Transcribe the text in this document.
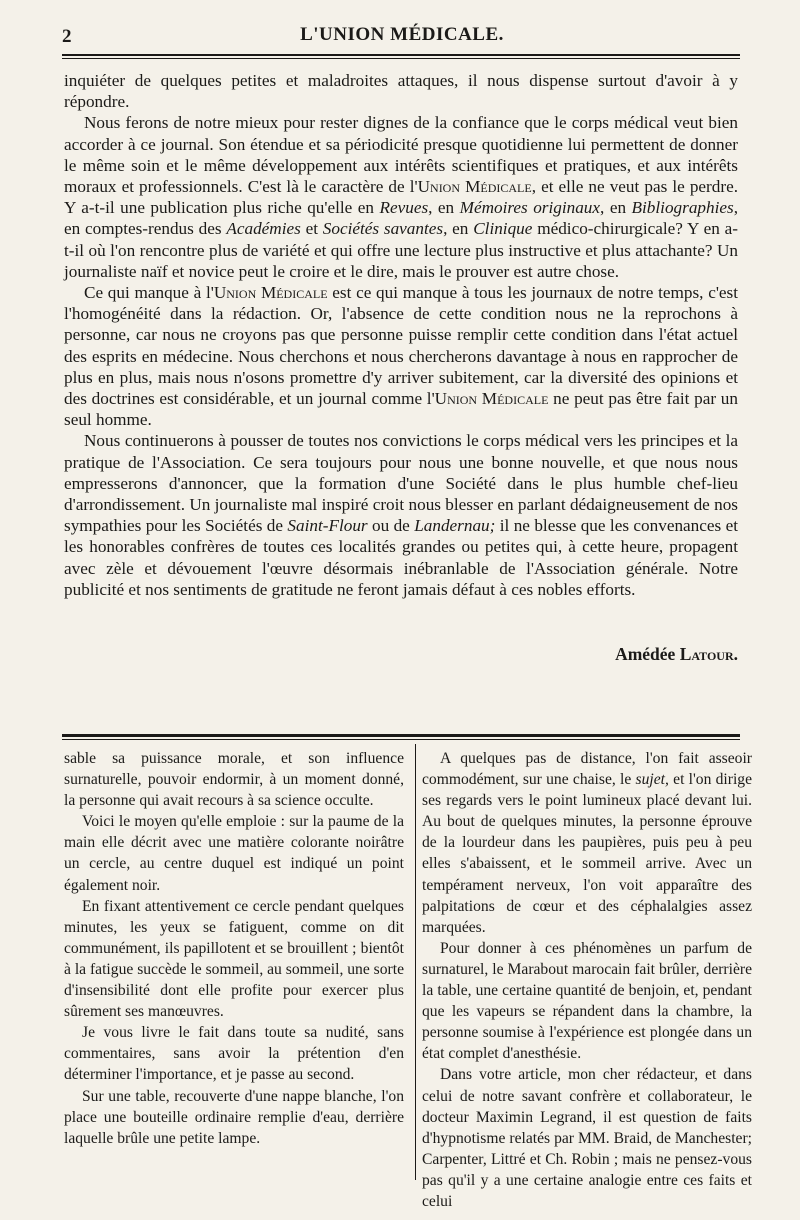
2	L'UNION MÉDICALE.

inquiéter de quelques petites et maladroites attaques, il nous dispense surtout d'avoir à y répondre.

Nous ferons de notre mieux pour rester dignes de la confiance que le corps médical veut bien accorder à ce journal. Son étendue et sa périodicité presque quotidienne lui permettent de donner le même soin et le même développement aux intérêts scientifiques et pratiques, et aux intérêts moraux et professionnels. C'est là le caractère de l'Union Médicale, et elle ne veut pas le perdre. Y a-t-il une publication plus riche qu'elle en Revues, en Mémoires originaux, en Bibliographies, en comptes-rendus des Académies et Sociétés savantes, en Clinique médico-chirurgicale? Y en a-t-il où l'on rencontre plus de variété et qui offre une lecture plus instructive et plus attachante? Un journaliste naïf et novice peut le croire et le dire, mais le prouver est autre chose.

Ce qui manque à l'Union Médicale est ce qui manque à tous les journaux de notre temps, c'est l'homogénéité dans la rédaction. Or, l'absence de cette condition nous ne la reprochons à personne, car nous ne croyons pas que personne puisse remplir cette condition dans l'état actuel des esprits en médecine. Nous cherchons et nous chercherons davantage à nous en rapprocher de plus en plus, mais nous n'osons promettre d'y arriver subitement, car la diversité des opinions et des doctrines est considérable, et un journal comme l'Union Médicale ne peut pas être fait par un seul homme.

Nous continuerons à pousser de toutes nos convictions le corps médical vers les principes et la pratique de l'Association. Ce sera toujours pour nous une bonne nouvelle, et que nous nous empresserons d'annoncer, que la formation d'une Société dans le plus humble chef-lieu d'arrondissement. Un journaliste mal inspiré croit nous blesser en parlant dédaigneusement de nos sympathies pour les Sociétés de Saint-Flour ou de Landernau; il ne blesse que les convenances et les honorables confrères de toutes ces localités grandes ou petites qui, à cette heure, propagent avec zèle et dévouement l'œuvre désormais inébranlable de l'Association générale. Notre publicité et nos sentiments de gratitude ne feront jamais défaut à ces nobles efforts.

Amédée Latour.

sable sa puissance morale, et son influence surnaturelle, pouvoir endormir, à un moment donné, la personne qui avait recours à sa science occulte.

Voici le moyen qu'elle emploie : sur la paume de la main elle décrit avec une matière colorante noirâtre un cercle, au centre duquel est indiqué un point également noir.

En fixant attentivement ce cercle pendant quelques minutes, les yeux se fatiguent, comme on dit communément, ils papillotent et se brouillent ; bientôt à la fatigue succède le sommeil, au sommeil, une sorte d'insensibilité dont elle profite pour exercer plus sûrement ses manœuvres.

Je vous livre le fait dans toute sa nudité, sans commentaires, sans avoir la prétention d'en déterminer l'importance, et je passe au second.

Sur une table, recouverte d'une nappe blanche, l'on place une bouteille ordinaire remplie d'eau, derrière laquelle brûle une petite lampe.

A quelques pas de distance, l'on fait asseoir commodément, sur une chaise, le sujet, et l'on dirige ses regards vers le point lumineux placé devant lui. Au bout de quelques minutes, la personne éprouve de la lourdeur dans les paupières, puis peu à peu elles s'abaissent, et le sommeil arrive. Avec un tempérament nerveux, l'on voit apparaître des palpitations de cœur et des céphalalgies assez marquées.

Pour donner à ces phénomènes un parfum de surnaturel, le Marabout marocain fait brûler, derrière la table, une certaine quantité de benjoin, et, pendant que les vapeurs se répandent dans la chambre, la personne soumise à l'expérience est plongée dans un état complet d'anesthésie.

Dans votre article, mon cher rédacteur, et dans celui de notre savant confrère et collaborateur, le docteur Maximin Legrand, il est question de faits d'hypnotisme relatés par MM. Braid, de Manchester; Carpenter, Littré et Ch. Robin ; mais ne pensez-vous pas qu'il y a une certaine analogie entre ces faits et celui
